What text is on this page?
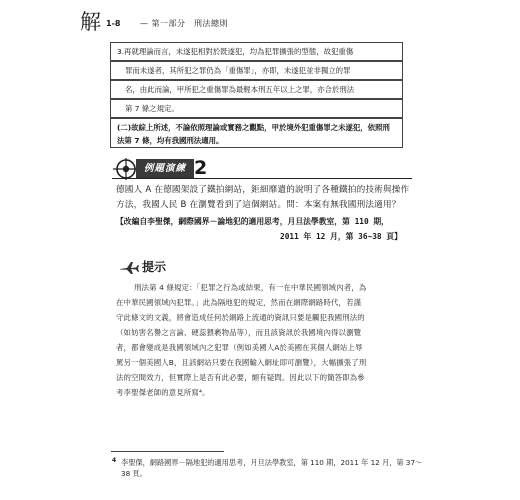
解 1-8 — 第一部分　刑法總則
3.再就理論而言，未遂犯相對於既遂犯，均為犯罪擴張的型態，故犯重傷
罪而未遂者，其所犯之罪仍為「重傷罪」，亦即，未遂犯並非獨立的罪
名，由此而論，甲所犯之重傷罪為最輕本刑五年以上之罪，亦合於刑法
第 7 條之規定。
(二)故綜上所述，不論依照理論或實務之觀點，甲於境外犯重傷罪之未遂犯，依照刑法第 7 條，均有我國刑法適用。
例題演練 2
德國人 A 在德國架設了鐵拍網站，鉅細靡遺的說明了各種鐵拍的技術與操作
方法，我國人民 B 在瀏覽看到了這個網站。問：本案有無我國刑法適用？
【改編自李聖傑，網際國界－論地犯的適用思考，月旦法學教室，第 110 期，
2011 年 12 月，第 36∼38 頁】
提示
刑法第 4 條規定：「犯罪之行為或結果，有一在中華民國領域內者，為
在中華民國領域內犯罪。」此為隔地犯的規定，然而在網際網路時代，若謹
守此條文的文義，將會造成任何於網路上流通的資訊只要是觸犯我國刑法的
（如妨害名譽之言論、硬蕊猥褻物品等），而且該資訊於我國境內得以瀏覽
者，都會變成是我國領域內之犯罪（例如美國人A於美國在其個人網站上辱
罵另一個美國人B，且該網站只要在我國輸入網址即可瀏覽），大幅擴張了刑
法的空間效力，但實際上是否有此必要，頗有疑問。因此以下的簡答即為參
考李聖傑老師的意見所寫⁴。
4 李聖傑，網路國界－隔地犯的適用思考，月旦法學教室，第 110 期，2011 年 12 月，第 37～
38 頁。
